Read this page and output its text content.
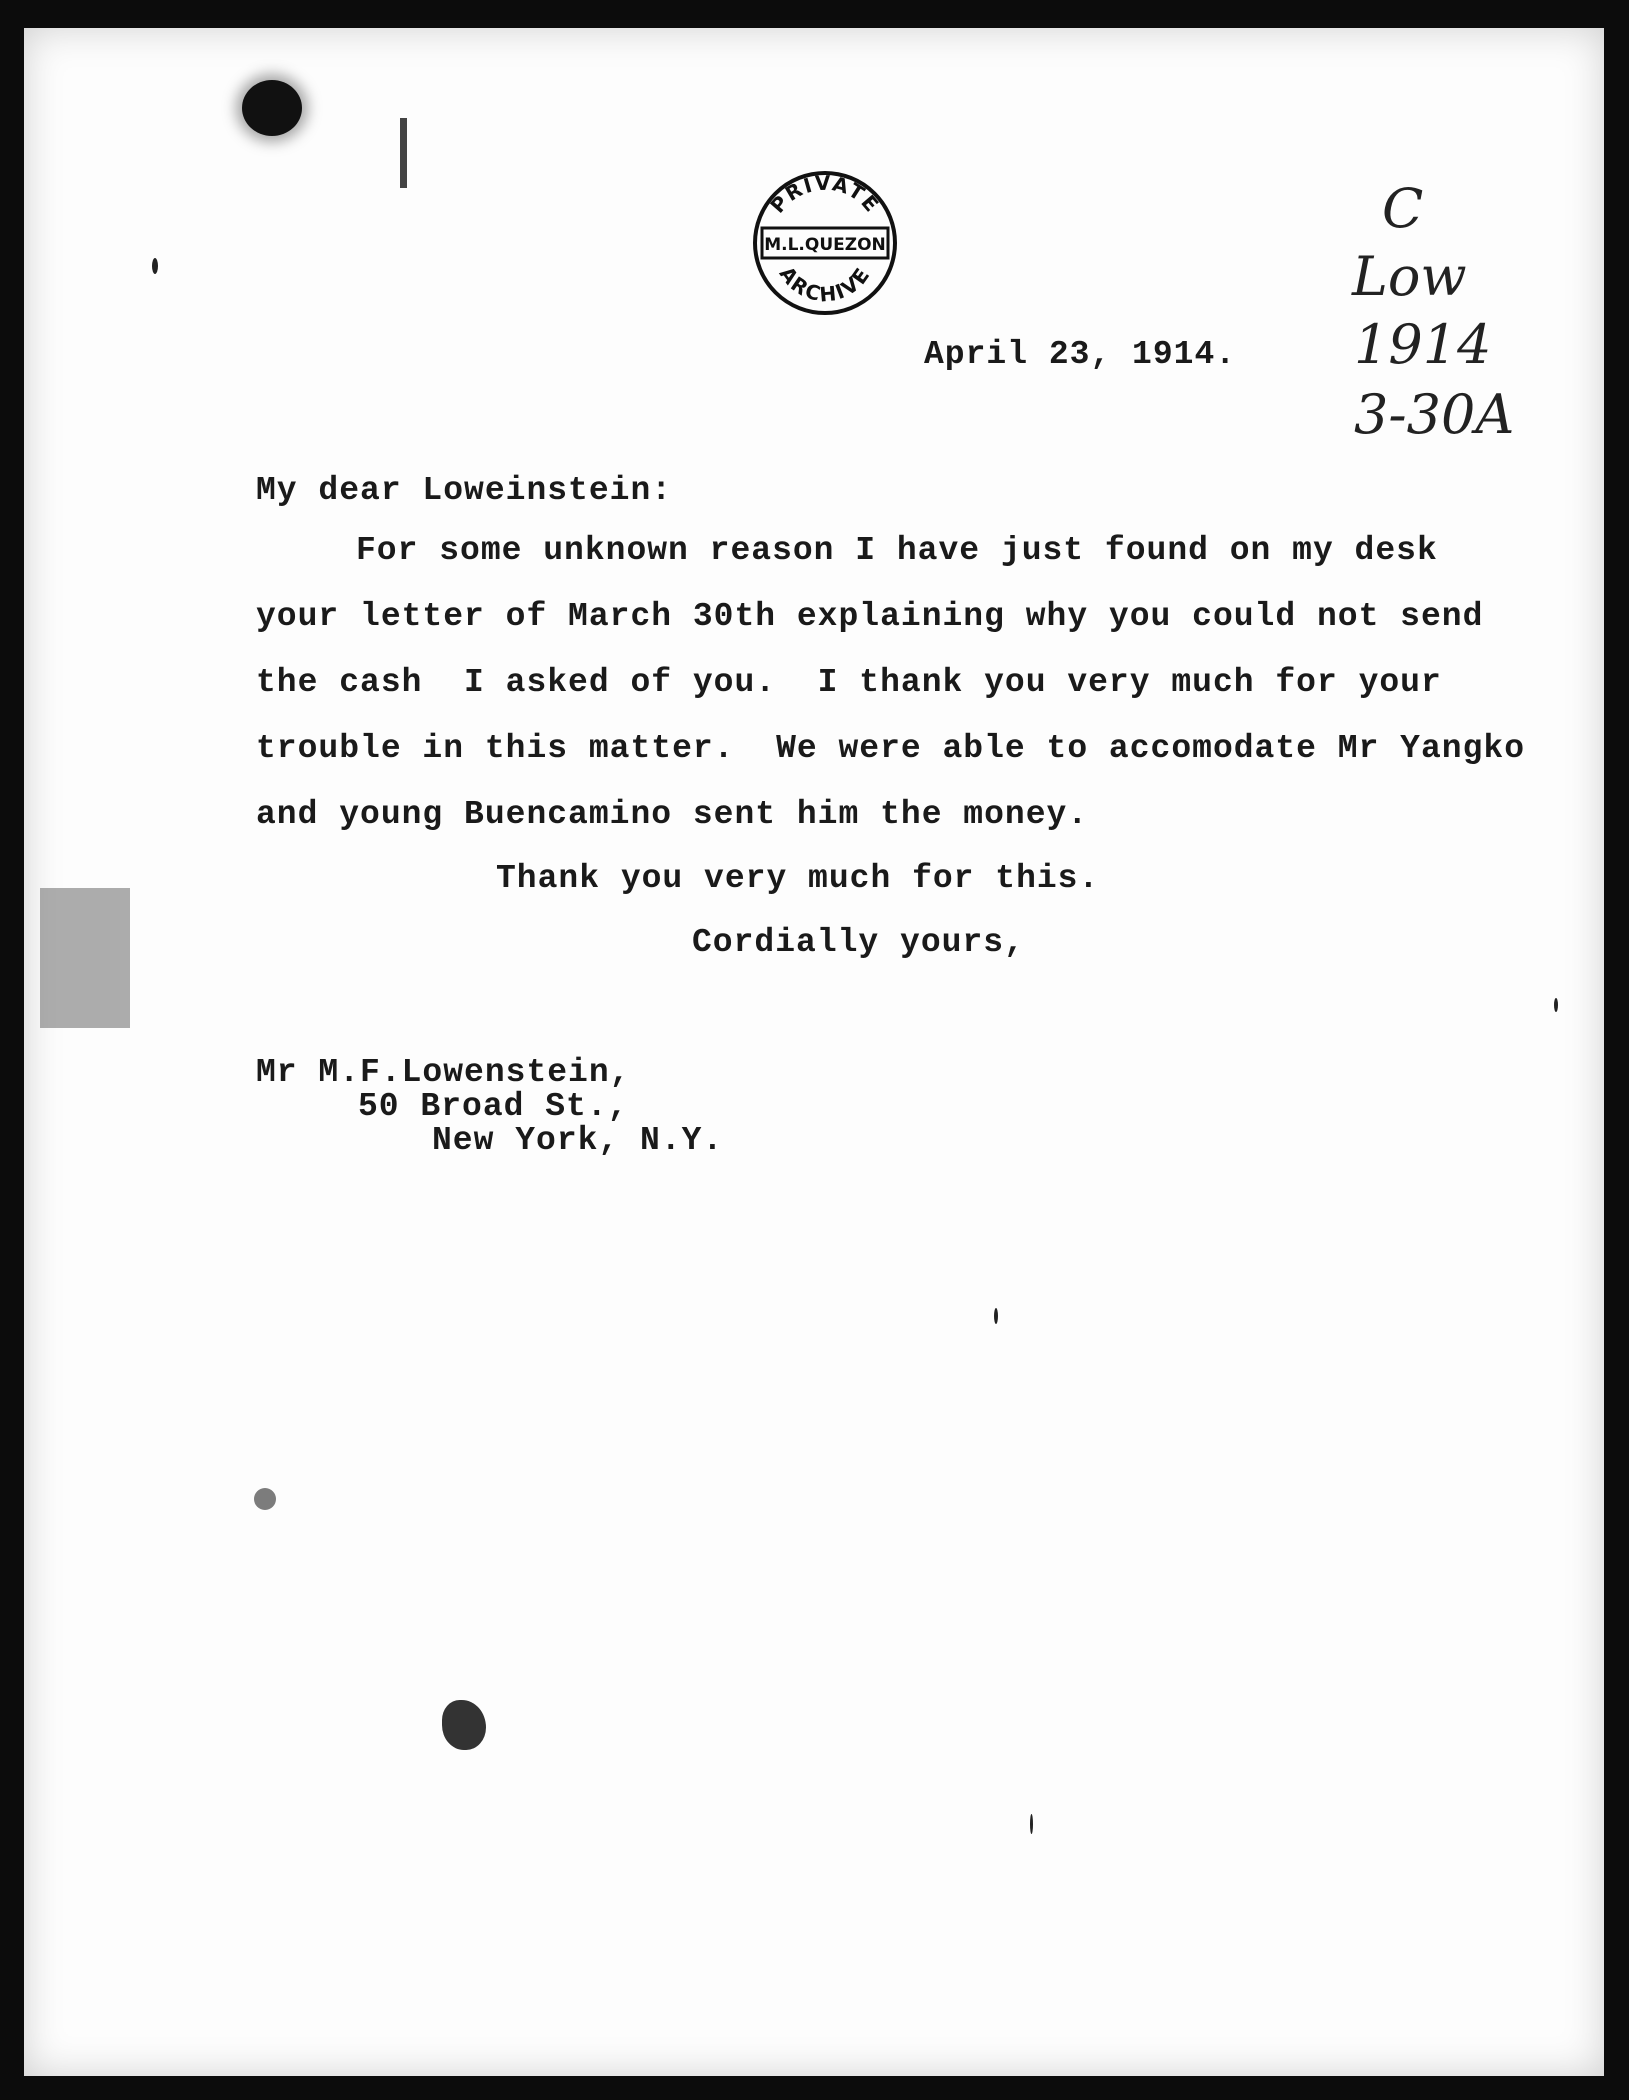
PRIVATE
M.L.QUEZON
ARCHIVE
C
Low
1914
3-30A
April 23, 1914.
My dear Loweinstein:
For some unknown reason I have just found on my desk
your letter of March 30th explaining why you could not send
the cash  I asked of you.  I thank you very much for your
trouble in this matter.  We were able to accomodate Mr Yangko
and young Buencamino sent him the money.
Thank you very much for this.
Cordially yours,
Mr M.F.Lowenstein,
50 Broad St.,
New York, N.Y.
